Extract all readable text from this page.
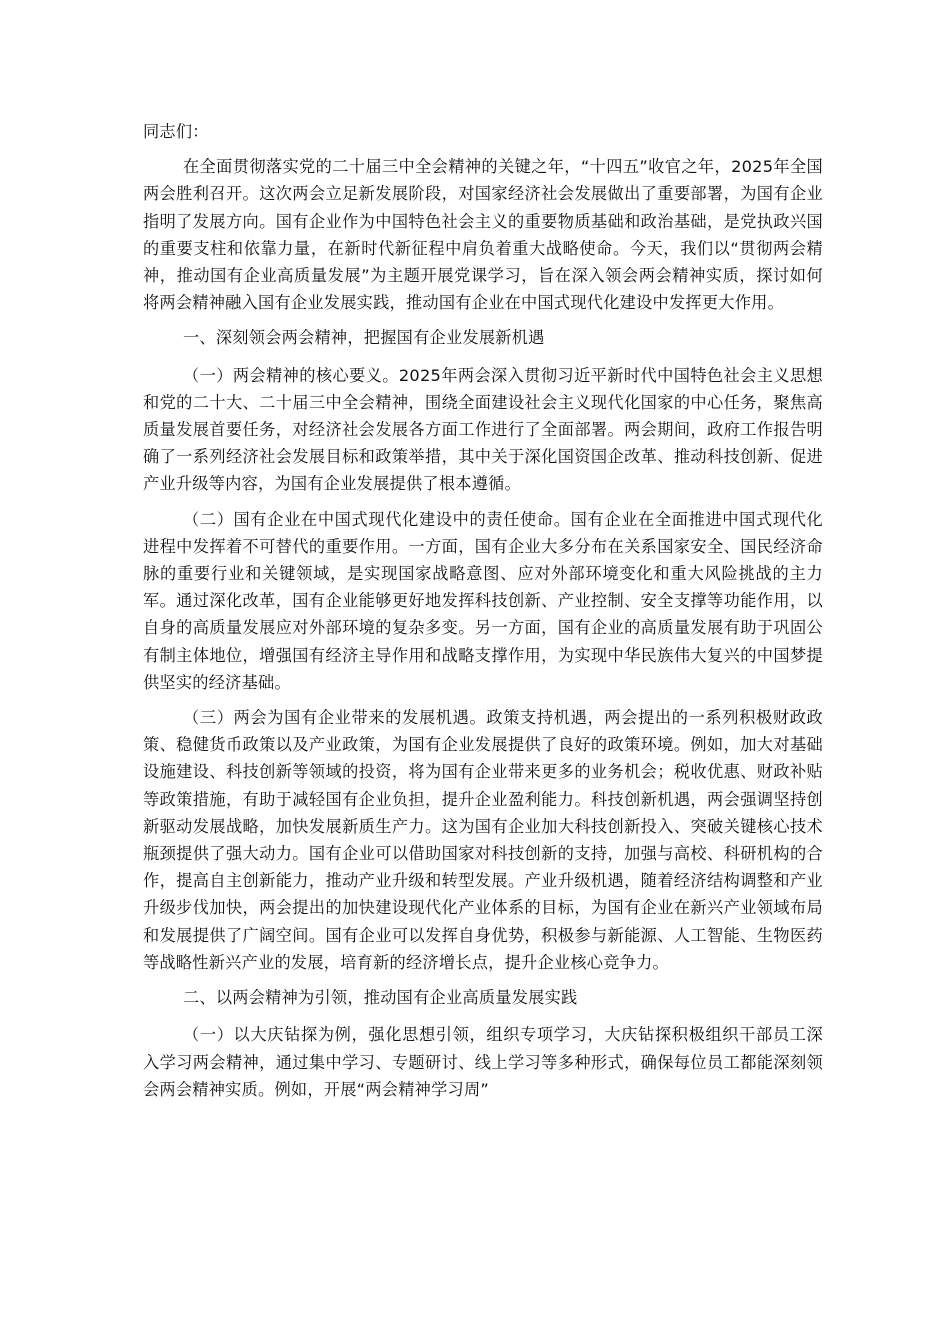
同志们：

在全面贯彻落实党的二十届三中全会精神的关键之年，“十四五”收官之年，2025年全国两会胜利召开。这次两会立足新发展阶段，对国家经济社会发展做出了重要部署，为国有企业指明了发展方向。国有企业作为中国特色社会主义的重要物质基础和政治基础，是党执政兴国的重要支柱和依靠力量，在新时代新征程中肩负着重大战略使命。今天，我们以“贯彻两会精神，推动国有企业高质量发展”为主题开展党课学习，旨在深入领会两会精神实质，探讨如何将两会精神融入国有企业发展实践，推动国有企业在中国式现代化建设中发挥更大作用。

一、深刻领会两会精神，把握国有企业发展新机遇

（一）两会精神的核心要义。2025年两会深入贯彻习近平新时代中国特色社会主义思想和党的二十大、二十届三中全会精神，围绕全面建设社会主义现代化国家的中心任务，聚焦高质量发展首要任务，对经济社会发展各方面工作进行了全面部署。两会期间，政府工作报告明确了一系列经济社会发展目标和政策举措，其中关于深化国资国企改革、推动科技创新、促进产业升级等内容，为国有企业发展提供了根本遵循。

（二）国有企业在中国式现代化建设中的责任使命。国有企业在全面推进中国式现代化进程中发挥着不可替代的重要作用。一方面，国有企业大多分布在关系国家安全、国民经济命脉的重要行业和关键领域，是实现国家战略意图、应对外部环境变化和重大风险挑战的主力军。通过深化改革，国有企业能够更好地发挥科技创新、产业控制、安全支撑等功能作用，以自身的高质量发展应对外部环境的复杂多变。另一方面，国有企业的高质量发展有助于巩固公有制主体地位，增强国有经济主导作用和战略支撑作用，为实现中华民族伟大复兴的中国梦提供坚实的经济基础。

（三）两会为国有企业带来的发展机遇。政策支持机遇，两会提出的一系列积极财政政策、稳健货币政策以及产业政策，为国有企业发展提供了良好的政策环境。例如，加大对基础设施建设、科技创新等领域的投资，将为国有企业带来更多的业务机会；税收优惠、财政补贴等政策措施，有助于减轻国有企业负担，提升企业盈利能力。科技创新机遇，两会强调坚持创新驱动发展战略，加快发展新质生产力。这为国有企业加大科技创新投入、突破关键核心技术瓶颈提供了强大动力。国有企业可以借助国家对科技创新的支持，加强与高校、科研机构的合作，提高自主创新能力，推动产业升级和转型发展。产业升级机遇，随着经济结构调整和产业升级步伐加快，两会提出的加快建设现代化产业体系的目标，为国有企业在新兴产业领域布局和发展提供了广阔空间。国有企业可以发挥自身优势，积极参与新能源、人工智能、生物医药等战略性新兴产业的发展，培育新的经济增长点，提升企业核心竞争力。

二、以两会精神为引领，推动国有企业高质量发展实践

（一）以大庆钻探为例，强化思想引领，组织专项学习，大庆钻探积极组织干部员工深入学习两会精神，通过集中学习、专题研讨、线上学习等多种形式，确保每位员工都能深刻领会两会精神实质。例如，开展“两会精神学习周”
